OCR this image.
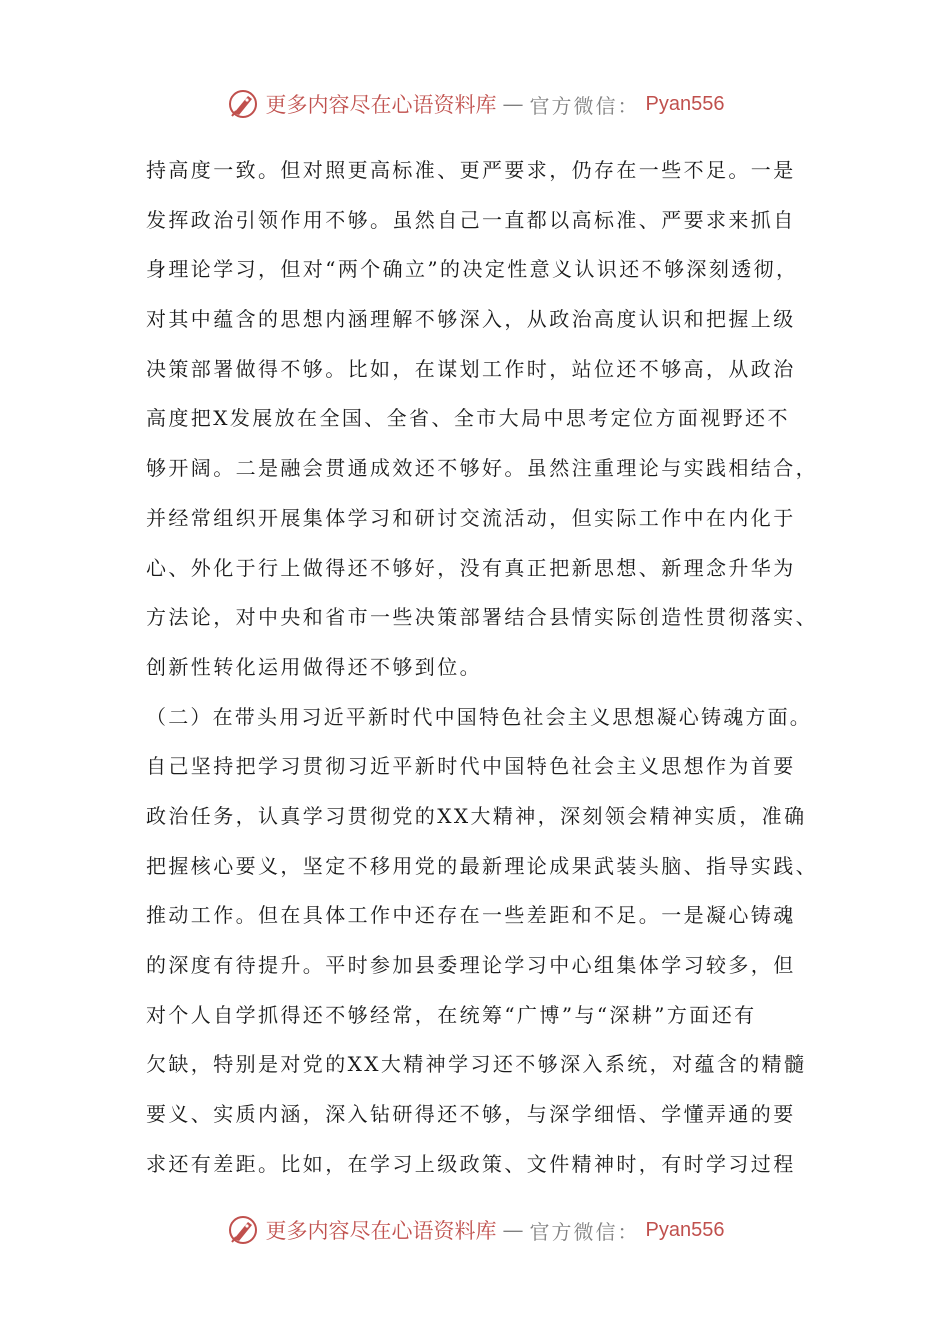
更多内容尽在心语资料库 — 官方微信： Pyan556
持高度一致。但对照更高标准、更严要求，仍存在一些不足。一是
发挥政治引领作用不够。虽然自己一直都以高标准、严要求来抓自
身理论学习，但对“两个确立”的决定性意义认识还不够深刻透彻，
对其中蕴含的思想内涵理解不够深入，从政治高度认识和把握上级
决策部署做得不够。比如，在谋划工作时，站位还不够高，从政治
高度把X发展放在全国、全省、全市大局中思考定位方面视野还不
够开阔。二是融会贯通成效还不够好。虽然注重理论与实践相结合，
并经常组织开展集体学习和研讨交流活动，但实际工作中在内化于
心、外化于行上做得还不够好，没有真正把新思想、新理念升华为
方法论，对中央和省市一些决策部署结合县情实际创造性贯彻落实、
创新性转化运用做得还不够到位。
（二）在带头用习近平新时代中国特色社会主义思想凝心铸魂方面。
自己坚持把学习贯彻习近平新时代中国特色社会主义思想作为首要
政治任务，认真学习贯彻党的XX大精神，深刻领会精神实质，准确
把握核心要义，坚定不移用党的最新理论成果武装头脑、指导实践、
推动工作。但在具体工作中还存在一些差距和不足。一是凝心铸魂
的深度有待提升。平时参加县委理论学习中心组集体学习较多，但
对个人自学抓得还不够经常，在统筹“广博”与“深耕”方面还有
欠缺，特别是对党的XX大精神学习还不够深入系统，对蕴含的精髓
要义、实质内涵，深入钻研得还不够，与深学细悟、学懂弄通的要
求还有差距。比如，在学习上级政策、文件精神时，有时学习过程
更多内容尽在心语资料库 — 官方微信： Pyan556
